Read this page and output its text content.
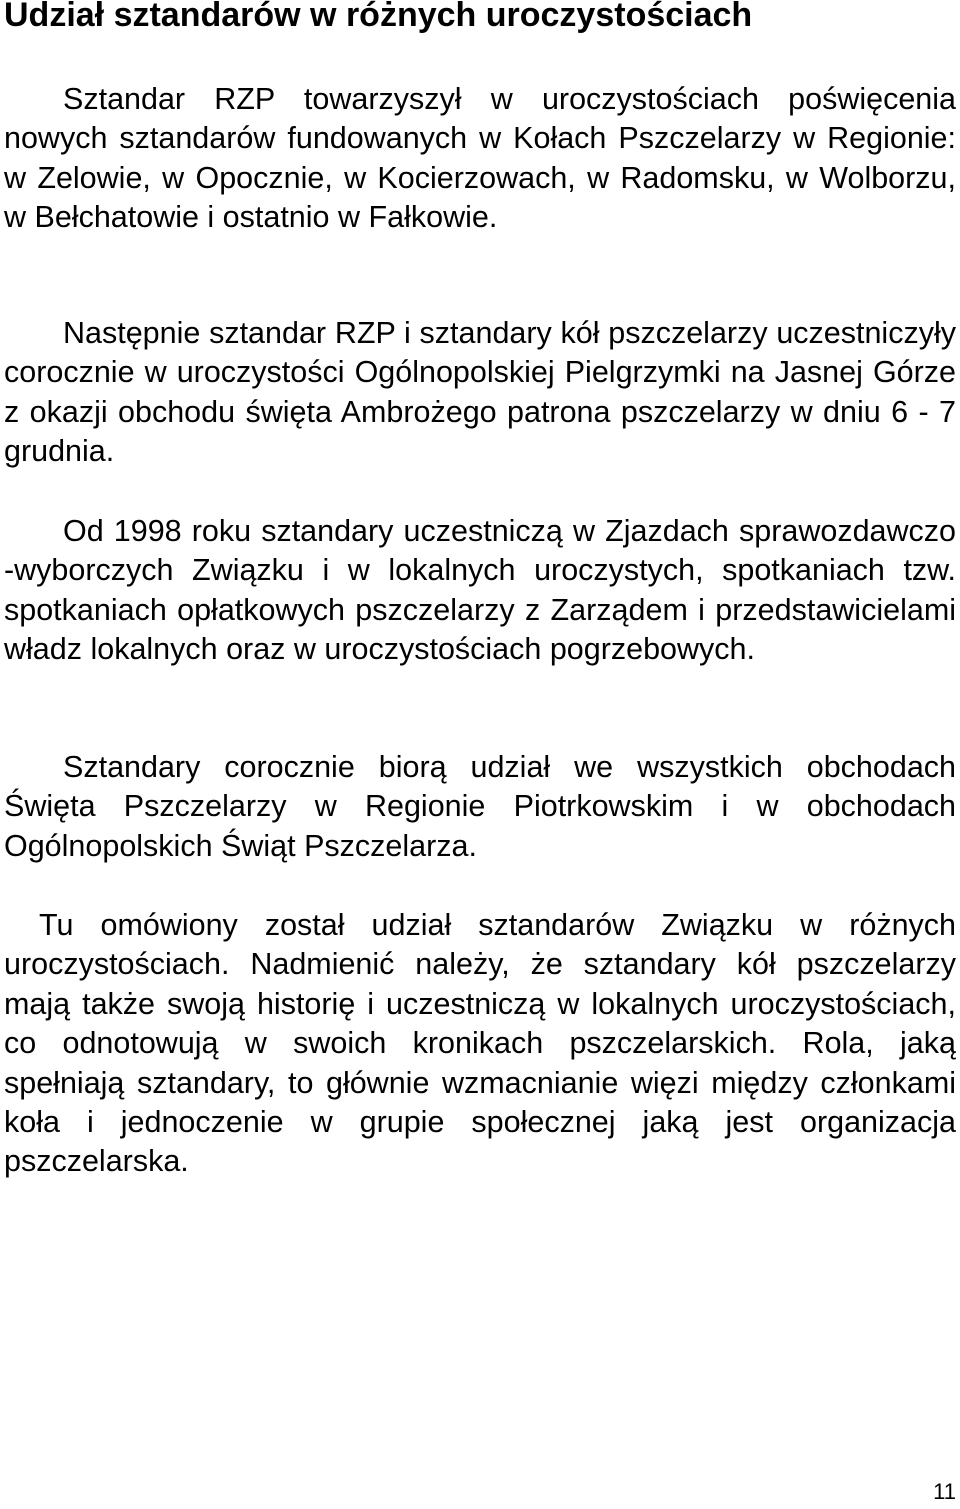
Udział sztandarów w różnych uroczystościach

Sztandar RZP towarzyszył w uroczystościach poświęcenia nowych sztandarów fundowanych w Kołach Pszczelarzy w Regionie: w Zelowie, w Opocznie, w Kocierzowach, w Radomsku, w Wolborzu, w Bełchatowie i ostatnio w Fałkowie.

Następnie sztandar RZP i sztandary kół pszczelarzy uczestniczyły corocznie w uroczystości Ogólnopolskiej Pielgrzymki na Jasnej Górze z okazji obchodu święta Ambrożego patrona pszczelarzy w dniu 6 - 7 grudnia.

Od 1998 roku sztandary uczestniczą w Zjazdach sprawozdawczo -wyborczych Związku i w lokalnych uroczystych, spotkaniach tzw. spotkaniach opłatkowych pszczelarzy z Zarządem i przedstawicielami władz lokalnych oraz w uroczystościach pogrzebowych.

Sztandary corocznie biorą udział we wszystkich obchodach Święta Pszczelarzy w Regionie Piotrkowskim i w obchodach Ogólnopolskich Świąt Pszczelarza.

Tu omówiony został udział sztandarów Związku w różnych uroczystościach. Nadmienić należy, że sztandary kół pszczelarzy mają także swoją historię i uczestniczą w lokalnych uroczystościach, co odnotowują w swoich kronikach pszczelarskich. Rola, jaką spełniają sztandary, to głównie wzmacnianie więzi między członkami koła i jednoczenie w grupie społecznej jaką jest organizacja pszczelarska.

11
